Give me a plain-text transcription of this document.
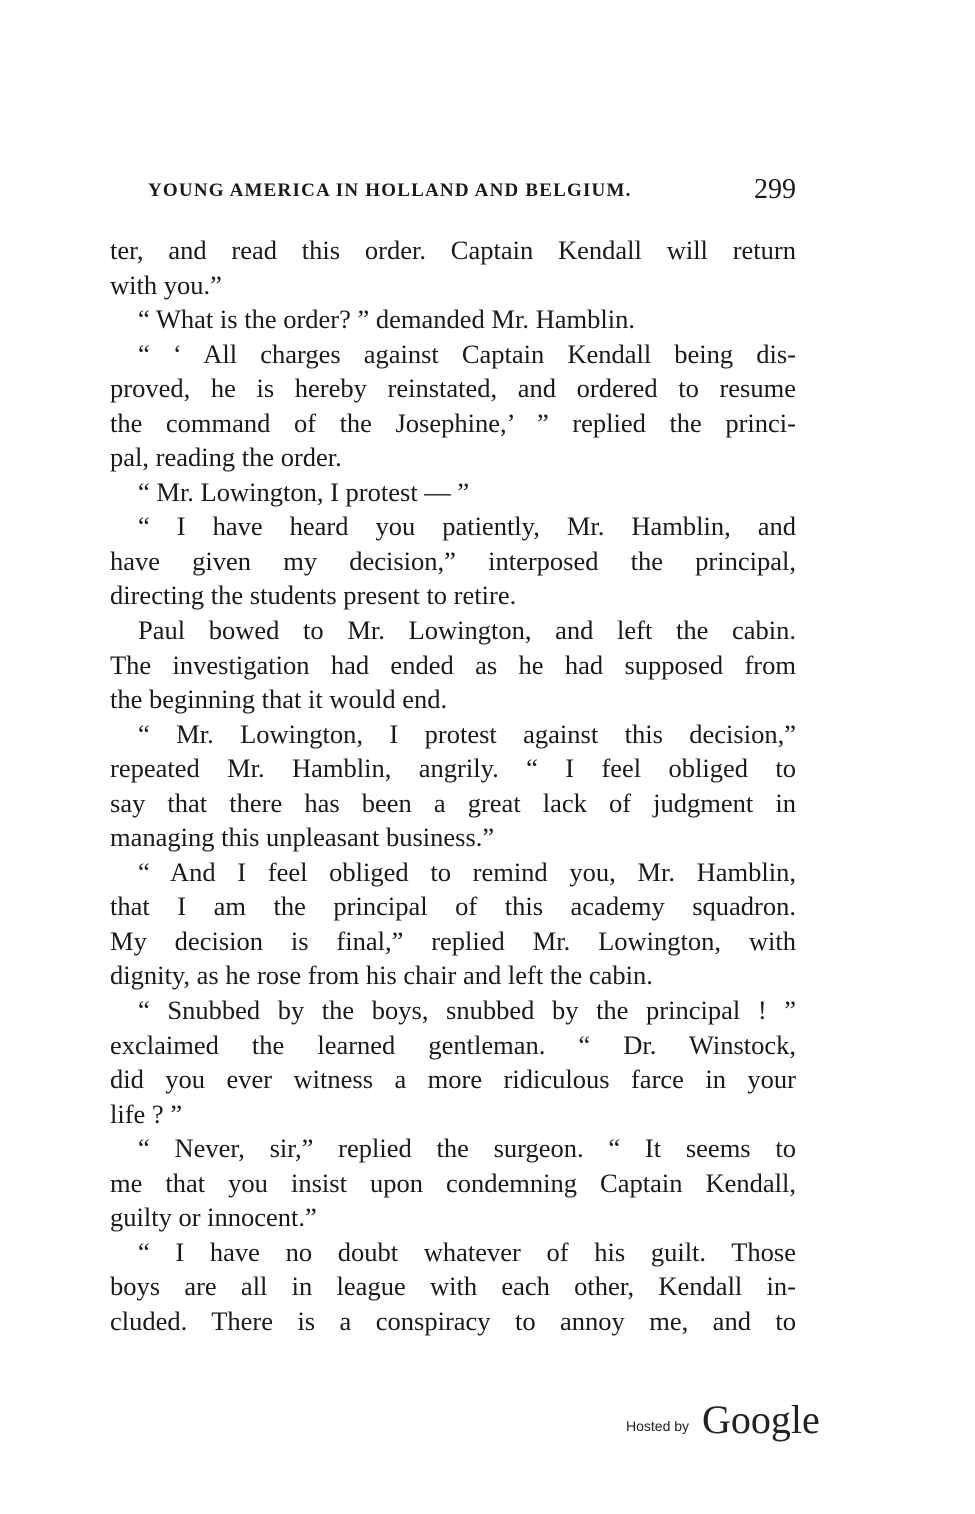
YOUNG AMERICA IN HOLLAND AND BELGIUM.	299
ter, and read this order. Captain Kendall will return
with you.”
“ What is the order? ” demanded Mr. Hamblin.
“ ‘ All charges against Captain Kendall being dis-
proved, he is hereby reinstated, and ordered to resume
the command of the Josephine,’ ” replied the princi-
pal, reading the order.
“ Mr. Lowington, I protest — ”
“ I have heard you patiently, Mr. Hamblin, and
have given my decision,” interposed the principal,
directing the students present to retire.
Paul bowed to Mr. Lowington, and left the cabin.
The investigation had ended as he had supposed from
the beginning that it would end.
“ Mr. Lowington, I protest against this decision,”
repeated Mr. Hamblin, angrily. “ I feel obliged to
say that there has been a great lack of judgment in
managing this unpleasant business.”
“ And I feel obliged to remind you, Mr. Hamblin,
that I am the principal of this academy squadron.
My decision is final,” replied Mr. Lowington, with
dignity, as he rose from his chair and left the cabin.
“ Snubbed by the boys, snubbed by the principal ! ”
exclaimed the learned gentleman. “ Dr. Winstock,
did you ever witness a more ridiculous farce in your
life ? ”
“ Never, sir,” replied the surgeon. “ It seems to
me that you insist upon condemning Captain Kendall,
guilty or innocent.”
“ I have no doubt whatever of his guilt. Those
boys are all in league with each other, Kendall in-
cluded. There is a conspiracy to annoy me, and to
Hosted by Google
